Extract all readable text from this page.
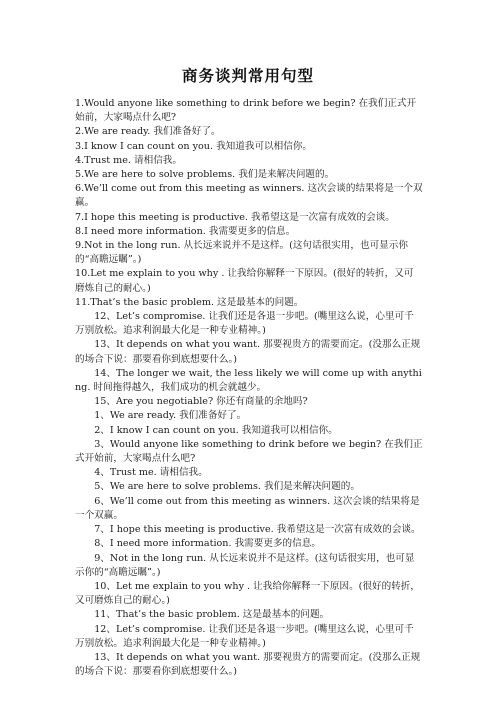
商务谈判常用句型

1.Would anyone like something to drink before we begin? 在我们正式开始前，大家喝点什么吧?

2.We are ready. 我们准备好了。

3.I know I can count on you. 我知道我可以相信你。

4.Trust me. 请相信我。

5.We are here to solve problems. 我们是来解决问题的。

6.We’ll come out from this meeting as winners. 这次会谈的结果将是一个双赢。

7.I hope this meeting is productive. 我希望这是一次富有成效的会谈。

8.I need more information. 我需要更多的信息。

9.Not in the long run. 从长远来说并不是这样。(这句话很实用，也可显示你的“高瞻远瞩”。)

10.Let me explain to you why . 让我给你解释一下原因。(很好的转折，又可磨炼自己的耐心。)

11.That’s the basic problem. 这是最基本的问题。

12、Let’s compromise. 让我们还是各退一步吧。(嘴里这么说，心里可千万别放松。追求利润最大化是一种专业精神。)

13、It depends on what you want. 那要视贵方的需要而定。(没那么正规的场合下说：那要看你到底想要什么。)

14、The longer we wait, the less likely we will come up with anything. 时间拖得越久，我们成功的机会就越少。

15、Are you negotiable? 你还有商量的余地吗?

1、We are ready. 我们准备好了。

2、I know I can count on you. 我知道我可以相信你。

3、Would anyone like something to drink before we begin? 在我们正式开始前，大家喝点什么吧?

4、Trust me. 请相信我。

5、We are here to solve problems. 我们是来解决问题的。

6、We’ll come out from this meeting as winners. 这次会谈的结果将是一个双赢。

7、I hope this meeting is productive. 我希望这是一次富有成效的会谈。

8、I need more information. 我需要更多的信息。

9、Not in the long run. 从长远来说并不是这样。(这句话很实用，也可显示你的“高瞻远瞩”。)

10、Let me explain to you why . 让我给你解释一下原因。(很好的转折，又可磨炼自己的耐心。)

11、That’s the basic problem. 这是最基本的问题。

12、Let’s compromise. 让我们还是各退一步吧。(嘴里这么说，心里可千万别放松。追求利润最大化是一种专业精神。)

13、It depends on what you want. 那要视贵方的需要而定。(没那么正规的场合下说：那要看你到底想要什么。)
